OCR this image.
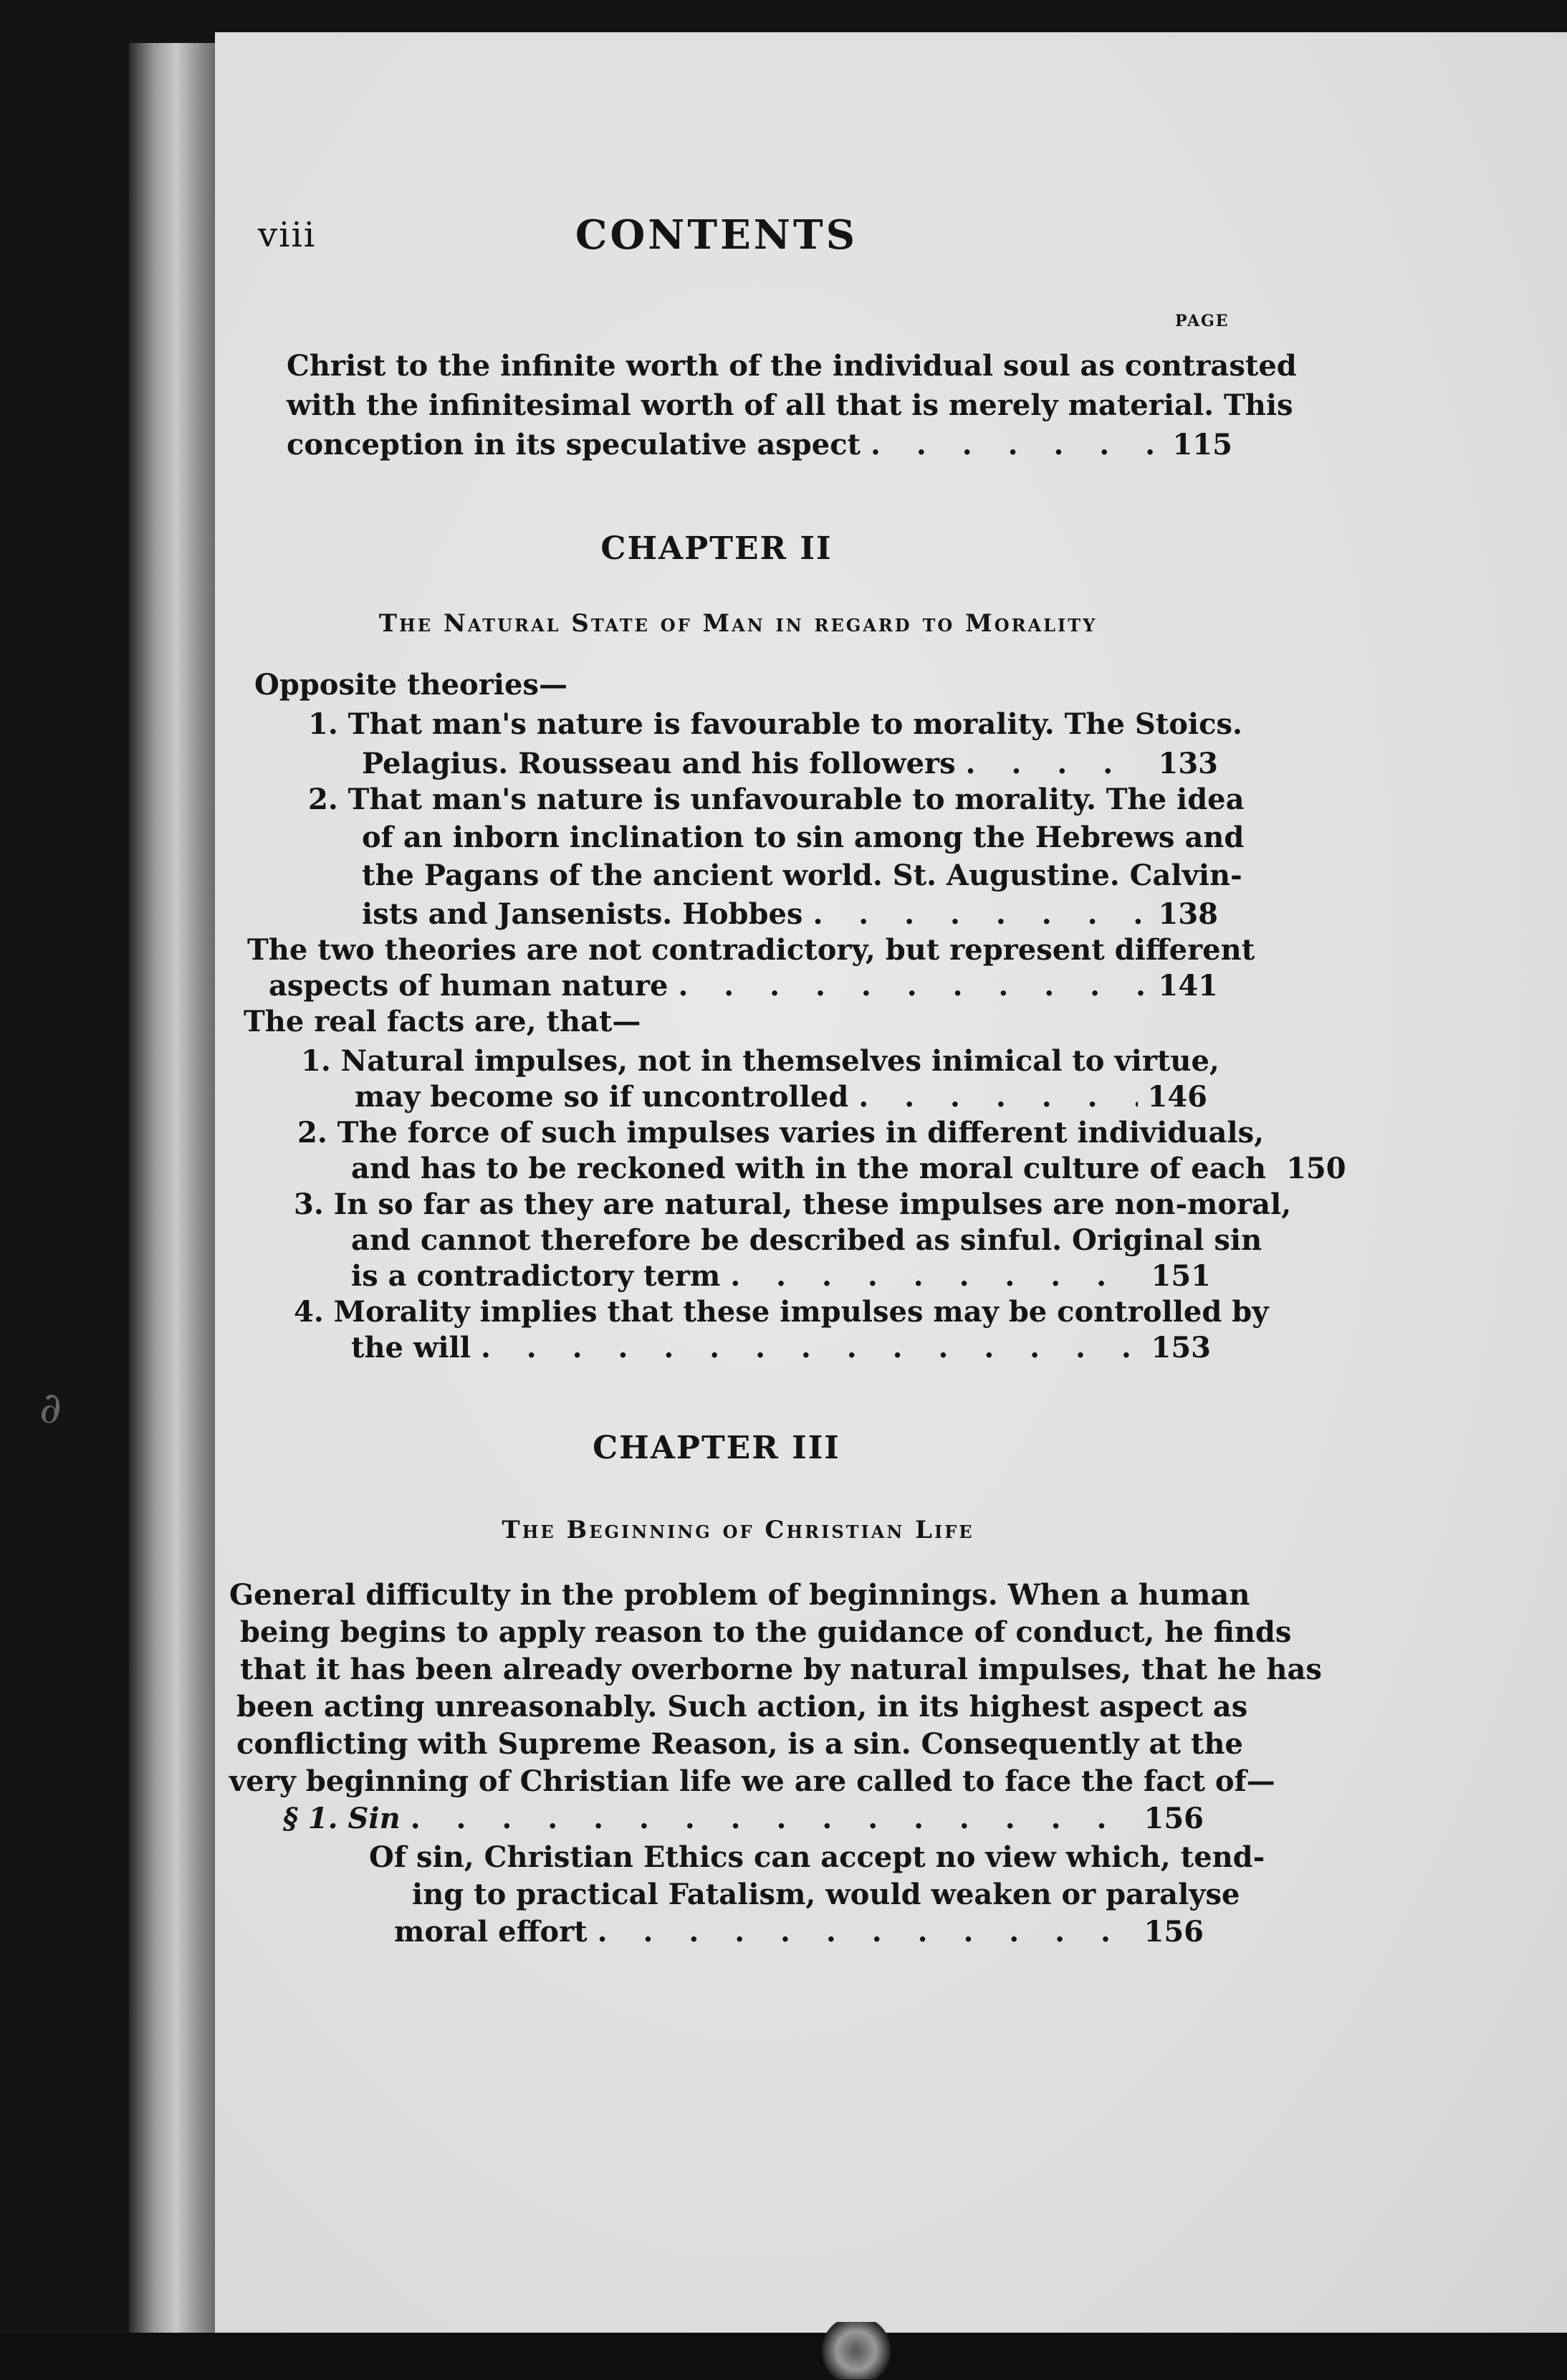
∂
viii	CONTENTS
PAGE
Christ to the infinite worth of the individual soul as contrasted
with the infinitesimal worth of all that is merely material. This
conception in its speculative aspect . . .	115
CHAPTER II
The Natural State of Man in regard to Morality
Opposite theories—
1. That man's nature is favourable to morality. The Stoics.
Pelagius. Rousseau and his followers . . .	133
2. That man's nature is unfavourable to morality. The idea
of an inborn inclination to sin among the Hebrews and
the Pagans of the ancient world. St. Augustine. Calvin-
ists and Jansenists. Hobbes . . .	138
The two theories are not contradictory, but represent different
aspects of human nature . . .	141
The real facts are, that—
1. Natural impulses, not in themselves inimical to virtue,
may become so if uncontrolled . . .	146
2. The force of such impulses varies in different individuals,
and has to be reckoned with in the moral culture of each . . . 150
3. In so far as they are natural, these impulses are non-moral,
and cannot therefore be described as sinful. Original sin
is a contradictory term . . .	151
4. Morality implies that these impulses may be controlled by
the will . . .	153
CHAPTER III
The Beginning of Christian Life
General difficulty in the problem of beginnings. When a human
being begins to apply reason to the guidance of conduct, he finds
that it has been already overborne by natural impulses, that he has
been acting unreasonably. Such action, in its highest aspect as
conflicting with Supreme Reason, is a sin. Consequently at the
very beginning of Christian life we are called to face the fact of—
§ 1. Sin . . .	156
Of sin, Christian Ethics can accept no view which, tend-
ing to practical Fatalism, would weaken or paralyse
moral effort . . .	156
